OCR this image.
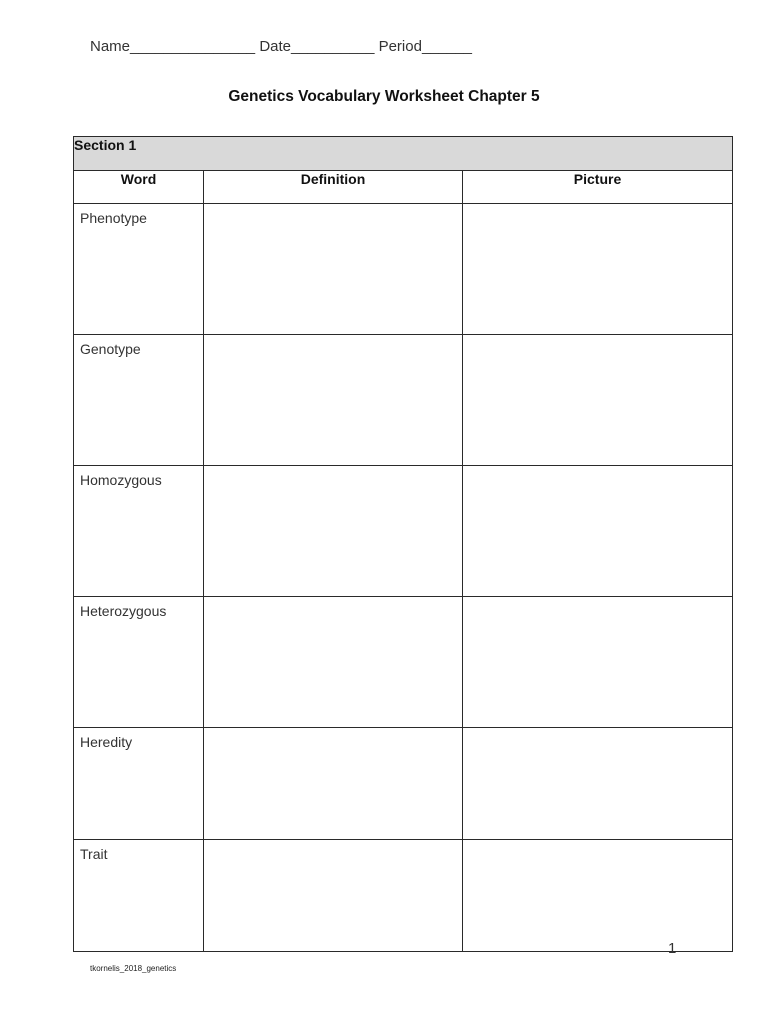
Name_______________ Date__________ Period______
Genetics Vocabulary Worksheet Chapter 5
Section 1		
Word	Definition	Picture
Phenotype		
Genotype		
Homozygous		
Heterozygous		
Heredity		
Trait		
1
tkornelis_2018_genetics
